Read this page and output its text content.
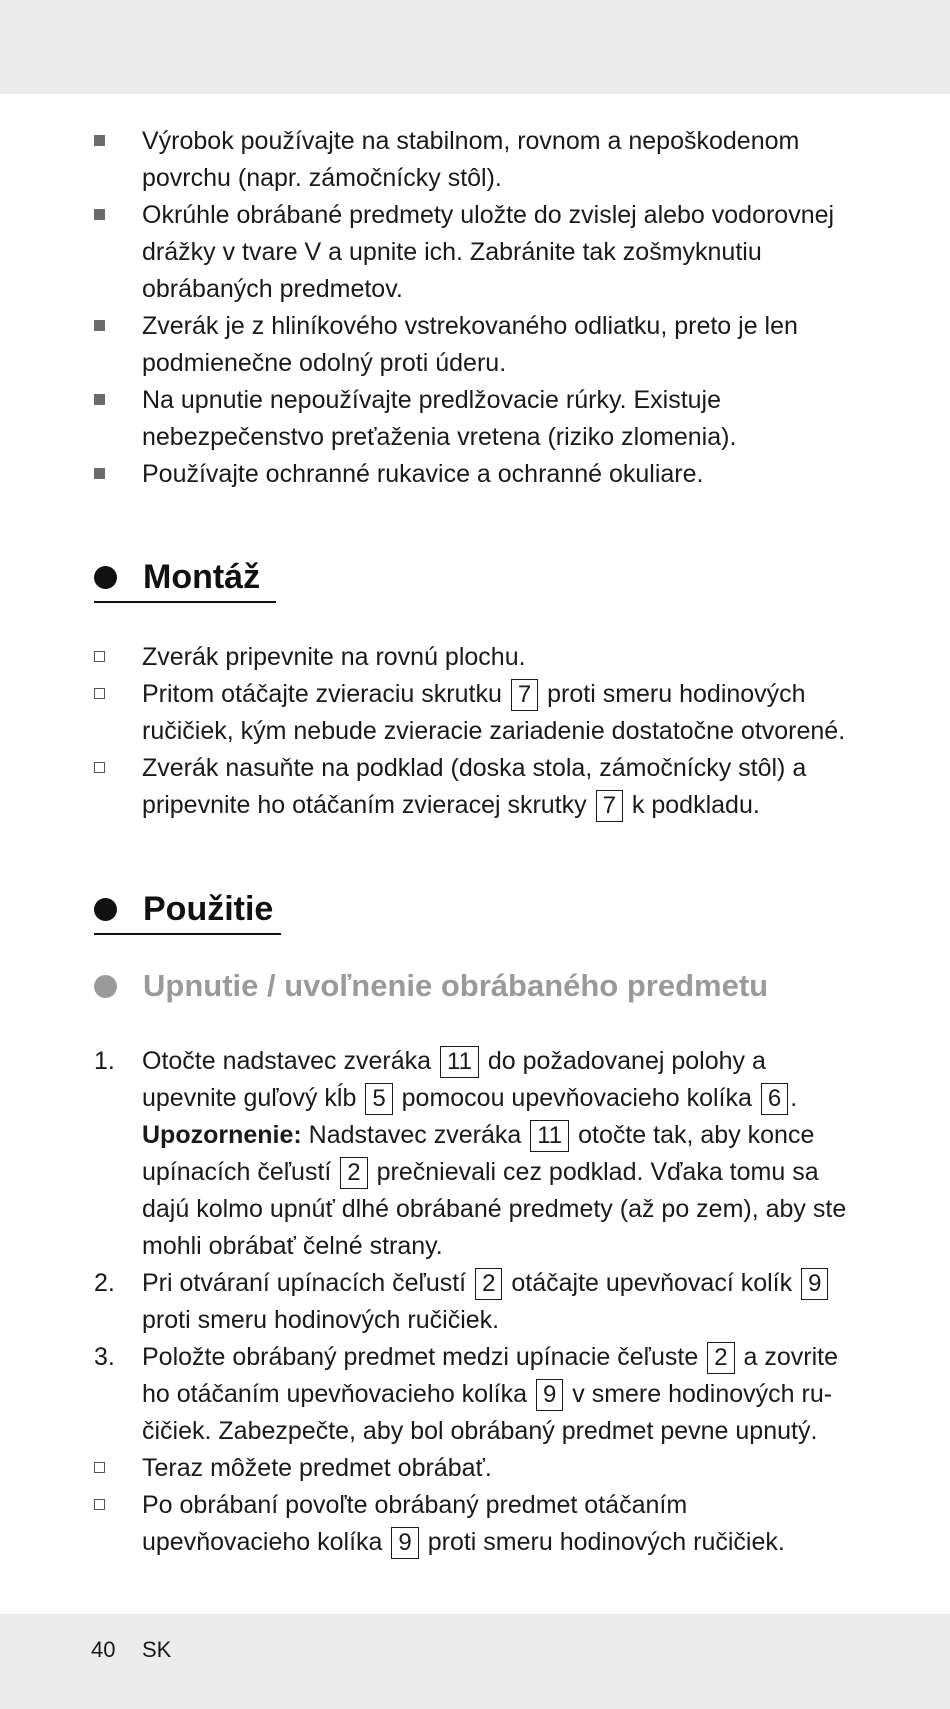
Výrobok používajte na stabilnom, rovnom a nepoškodenom povrchu (napr. zámočnícky stôl).
Okrúhle obrábané predmety uložte do zvislej alebo vodorovnej drážky v tvare V a upnite ich. Zabránite tak zošmyknutiu obrábaných predmetov.
Zverák je z hliníkového vstrekovaného odliatku, preto je len podmienečne odolný proti úderu.
Na upnutie nepoužívajte predlžovacie rúrky. Existuje nebezpečenstvo preťaženia vretena (riziko zlomenia).
Používajte ochranné rukavice a ochranné okuliare.
Montáž
Zverák pripevnite na rovnú plochu.
Pritom otáčajte zvieraciu skrutku 7 proti smeru hodinových ručičiek, kým nebude zvieracie zariadenie dostatočne otvorené.
Zverák nasuňte na podklad (doska stola, zámočnícky stôl) a pripevnite ho otáčaním zvieracej skrutky 7 k podkladu.
Použitie
Upnutie / uvoľnenie obrábaného predmetu
1.	Otočte nadstavec zveráka 11 do požadovanej polohy a upevnite guľový kĺb 5 pomocou upevňovacieho kolíka 6 .
Upozornenie: Nadstavec zveráka 11 otočte tak, aby konce upínacích čeľustí 2 prečnievali cez podklad. Vďaka tomu sa dajú kolmo upnúť dlhé obrábané predmety (až po zem), aby ste mohli obrábať čelné strany.
2.	Pri otváraní upínacích čeľustí 2 otáčajte upevňovací kolík 9 proti smeru hodinových ručičiek.
3.	Položte obrábaný predmet medzi upínacie čeľuste 2 a zovrite ho otáčaním upevňovacieho kolíka 9 v smere hodinových ru- čičiek. Zabezpečte, aby bol obrábaný predmet pevne upnutý.
Teraz môžete predmet obrábať.
Po obrábaní povoľte obrábaný predmet otáčaním upevňovacieho kolíka 9 proti smeru hodinových ručičiek.
40 SK
